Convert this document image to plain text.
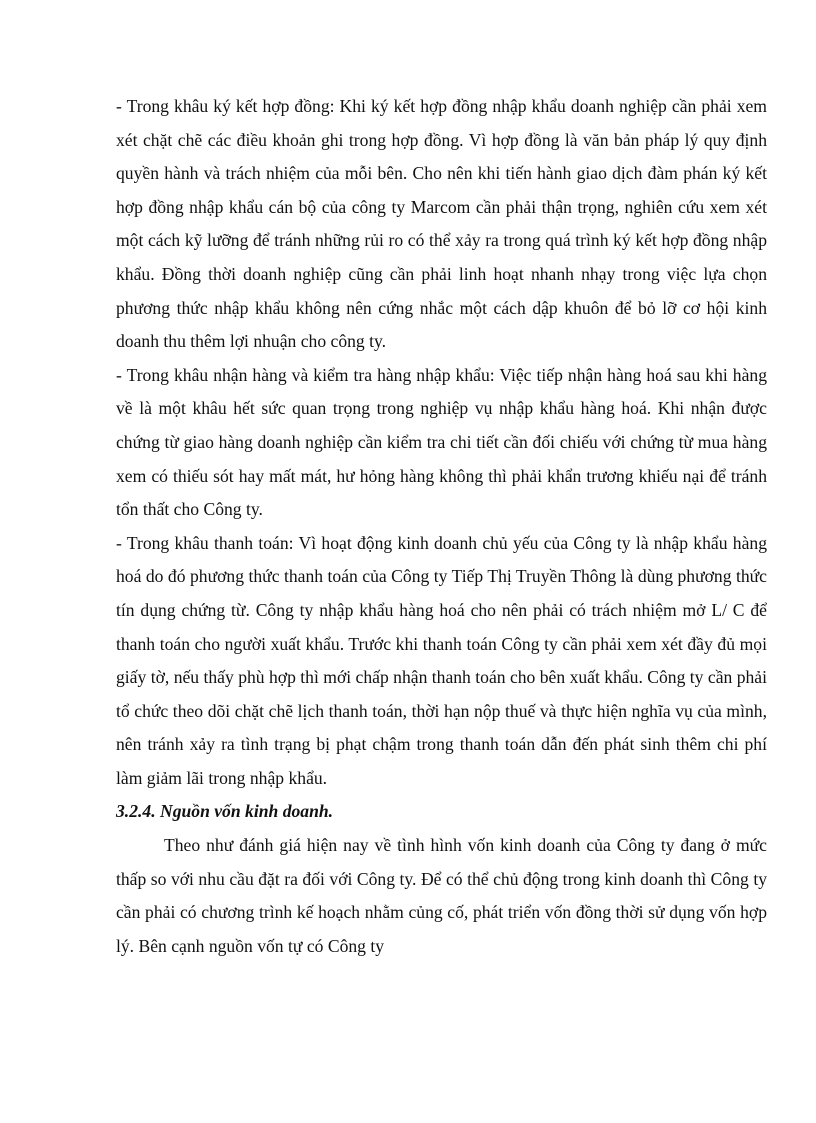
- Trong khâu ký kết hợp đồng: Khi ký kết hợp đồng nhập khẩu doanh nghiệp cần phải xem xét chặt chẽ các điều khoản ghi trong hợp đồng. Vì hợp đồng là văn bản pháp lý quy định quyền hành và trách nhiệm của mỗi bên. Cho nên khi tiến hành giao dịch đàm phán ký kết hợp đồng nhập khẩu cán bộ của công ty Marcom cần phải thận trọng, nghiên cứu xem xét một cách kỹ lưỡng để tránh những rủi ro có thể xảy ra trong quá trình ký kết hợp đồng nhập khẩu. Đồng thời doanh nghiệp cũng cần phải linh hoạt nhanh nhạy trong việc lựa chọn phương thức nhập khẩu không nên cứng nhắc một cách dập khuôn để bỏ lỡ cơ hội kinh doanh thu thêm lợi nhuận cho công ty.

- Trong khâu nhận hàng và kiểm tra hàng nhập khẩu: Việc tiếp nhận hàng hoá sau khi hàng về là một khâu hết sức quan trọng trong nghiệp vụ nhập khẩu hàng hoá. Khi nhận được chứng từ giao hàng doanh nghiệp cần kiểm tra chi tiết cần đối chiếu với chứng từ mua hàng xem có thiếu sót hay mất mát, hư hỏng hàng không thì phải khẩn trương khiếu nại để tránh tổn thất cho Công ty.

- Trong khâu thanh toán: Vì hoạt động kinh doanh chủ yếu của Công ty là nhập khẩu hàng hoá do đó phương thức thanh toán của Công ty Tiếp Thị Truyền Thông là dùng phương thức tín dụng chứng từ. Công ty nhập khẩu hàng hoá cho nên phải có trách nhiệm mở L/ C để thanh toán cho người xuất khẩu. Trước khi thanh toán Công ty cần phải xem xét đầy đủ mọi giấy tờ, nếu thấy phù hợp thì mới chấp nhận thanh toán cho bên xuất khẩu. Công ty cần phải tổ chức theo dõi chặt chẽ lịch thanh toán, thời hạn nộp thuế và thực hiện nghĩa vụ của mình, nên tránh xảy ra tình trạng bị phạt chậm trong thanh toán dẫn đến phát sinh thêm chi phí làm giảm lãi trong nhập khẩu.

3.2.4. Nguồn vốn kinh doanh.

Theo như đánh giá hiện nay về tình hình vốn kinh doanh của Công ty đang ở mức thấp so với nhu cầu đặt ra đối với Công ty. Để có thể chủ động trong kinh doanh thì Công ty cần phải có chương trình kế hoạch nhằm củng cố, phát triển vốn đồng thời sử dụng vốn hợp lý. Bên cạnh nguồn vốn tự có Công ty
